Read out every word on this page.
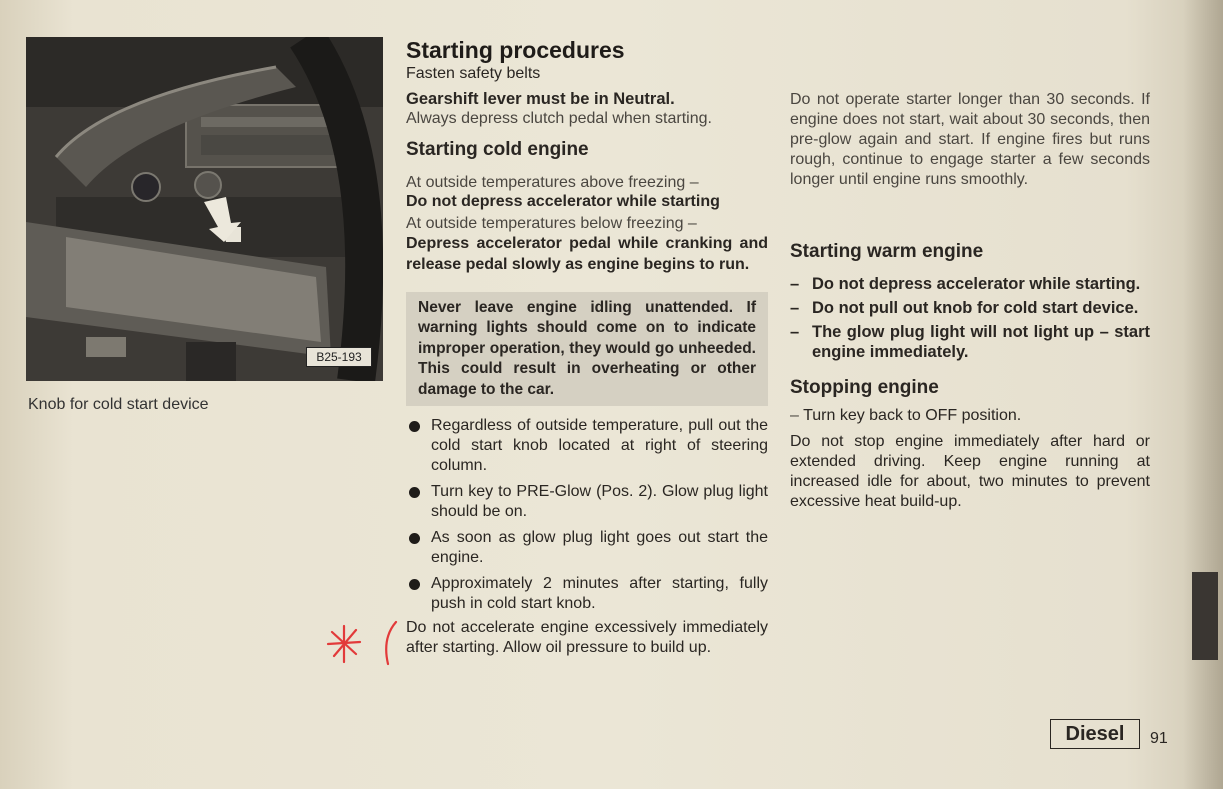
B25-193
Knob for cold start device
Starting procedures

Fasten safety belts

Gearshift lever must be in Neutral.

Always depress clutch pedal when starting.

Starting cold engine

At outside temperatures above freezing –

Do not depress accelerator while starting

At outside temperatures below freezing –

Depress accelerator pedal while cranking and release pedal slowly as engine begins to run.

Never leave engine idling unattended. If warning lights should come on to indicate improper operation, they would go unheeded. This could result in overheating or other damage to the car.
Regardless of outside temperature, pull out the cold start knob located at right of steering column.
Turn key to PRE-Glow (Pos. 2). Glow plug light should be on.
As soon as glow plug light goes out start the engine.
Approximately 2 minutes after starting, fully push in cold start knob.

Do not accelerate engine excessively immediately after starting. Allow oil pressure to build up.

Do not operate starter longer than 30 seconds. If engine does not start, wait about 30 seconds, then pre-glow again and start. If engine fires but runs rough, continue to engage starter a few seconds longer until engine runs smoothly.

Starting warm engine
– Do not depress accelerator while starting.
– Do not pull out knob for cold start device.
– The glow plug light will not light up – start engine immediately.
Stopping engine

– Turn key back to OFF position.

Do not stop engine immediately after hard or extended driving. Keep engine running at increased idle for about, two minutes to prevent excessive heat build-up.

Diesel	91
